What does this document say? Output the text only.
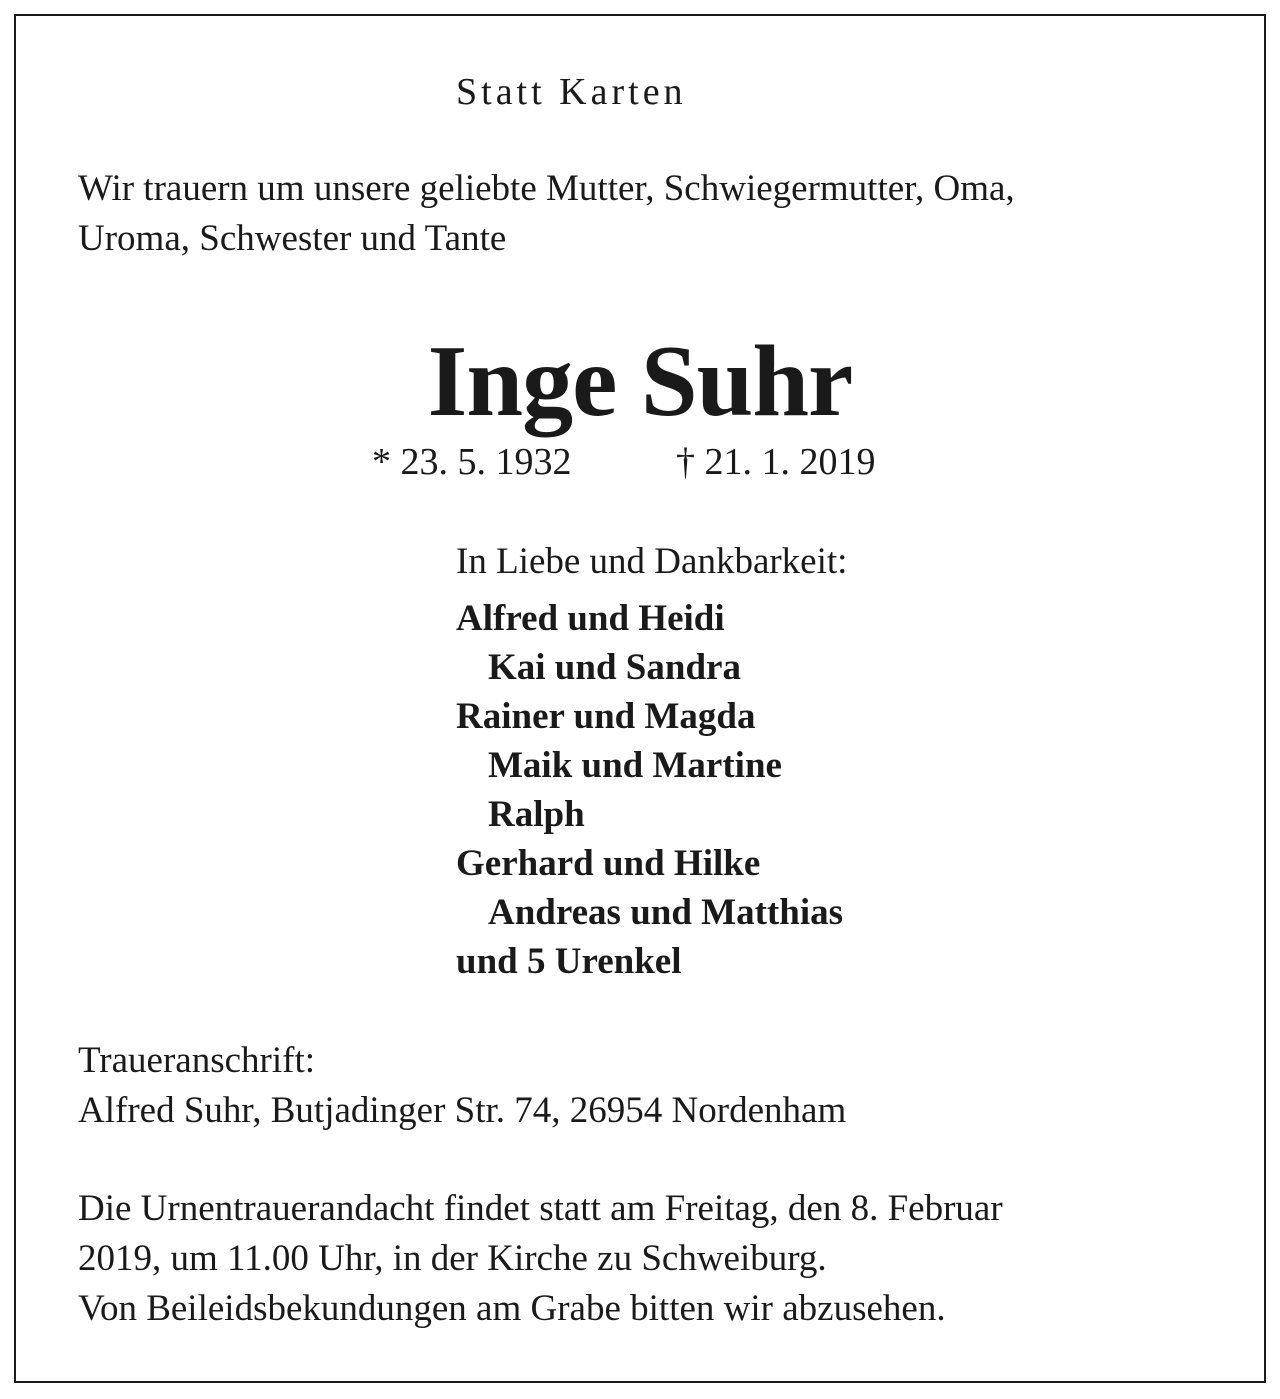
Statt Karten
Wir trauern um unsere geliebte Mutter, Schwiegermutter, Oma,
Uroma, Schwester und Tante
Inge Suhr
* 23. 5. 1932	† 21. 1. 2019
In Liebe und Dankbarkeit:
Alfred und Heidi
Kai und Sandra
Rainer und Magda
Maik und Martine
Ralph
Gerhard und Hilke
Andreas und Matthias
und 5 Urenkel
Traueranschrift:
Alfred Suhr, Butjadinger Str. 74, 26954 Nordenham
Die Urnentrauerandacht findet statt am Freitag, den 8. Februar
2019, um 11.00 Uhr, in der Kirche zu Schweiburg.
Von Beileidsbekundungen am Grabe bitten wir abzusehen.
